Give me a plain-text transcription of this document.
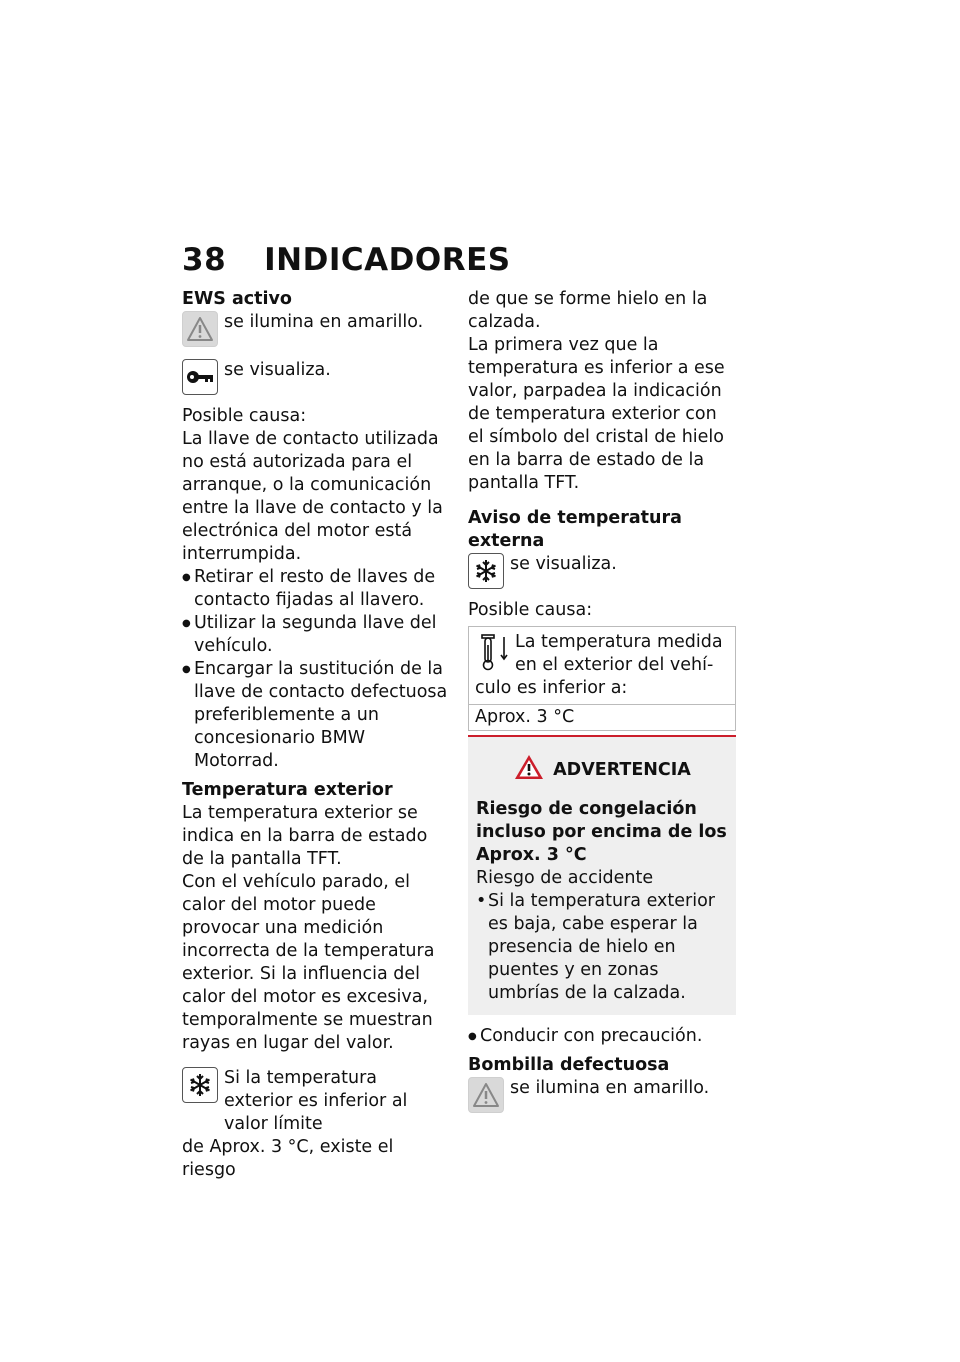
38 INDICADORES
EWS activo
se ilumina en amarillo.
se visualiza.
Posible causa:
La llave de contacto utilizada no está autorizada para el arranque, o la comunicación entre la llave de contacto y la electrónica del motor está interrumpida.
● Retirar el resto de llaves de contacto fijadas al llavero.
● Utilizar la segunda llave del vehículo.
● Encargar la sustitución de la llave de contacto defectuosa preferiblemente a un concesionario BMW Motorrad.
Temperatura exterior
La temperatura exterior se indica en la barra de estado de la pantalla TFT.
Con el vehículo parado, el calor del motor puede provocar una medición incorrecta de la temperatura exterior. Si la influencia del calor del motor es excesiva, temporalmente se muestran rayas en lugar del valor.
Si la temperatura exterior es inferior al valor límite
de Aprox. 3 °C, existe el riesgo
de que se forme hielo en la calzada.
La primera vez que la temperatura es inferior a ese valor, parpadea la indicación de temperatura exterior con el símbolo del cristal de hielo en la barra de estado de la pantalla TFT.
Aviso de temperatura externa
se visualiza.
Posible causa:
La temperatura medida en el exterior del vehí-
culo es inferior a:
Aprox. 3 °C
ADVERTENCIA
Riesgo de congelación incluso por encima de los Aprox. 3 °C
Riesgo de accidente
• Si la temperatura exterior es baja, cabe esperar la presencia de hielo en puentes y en zonas umbrías de la calzada.
● Conducir con precaución.
Bombilla defectuosa
se ilumina en amarillo.
